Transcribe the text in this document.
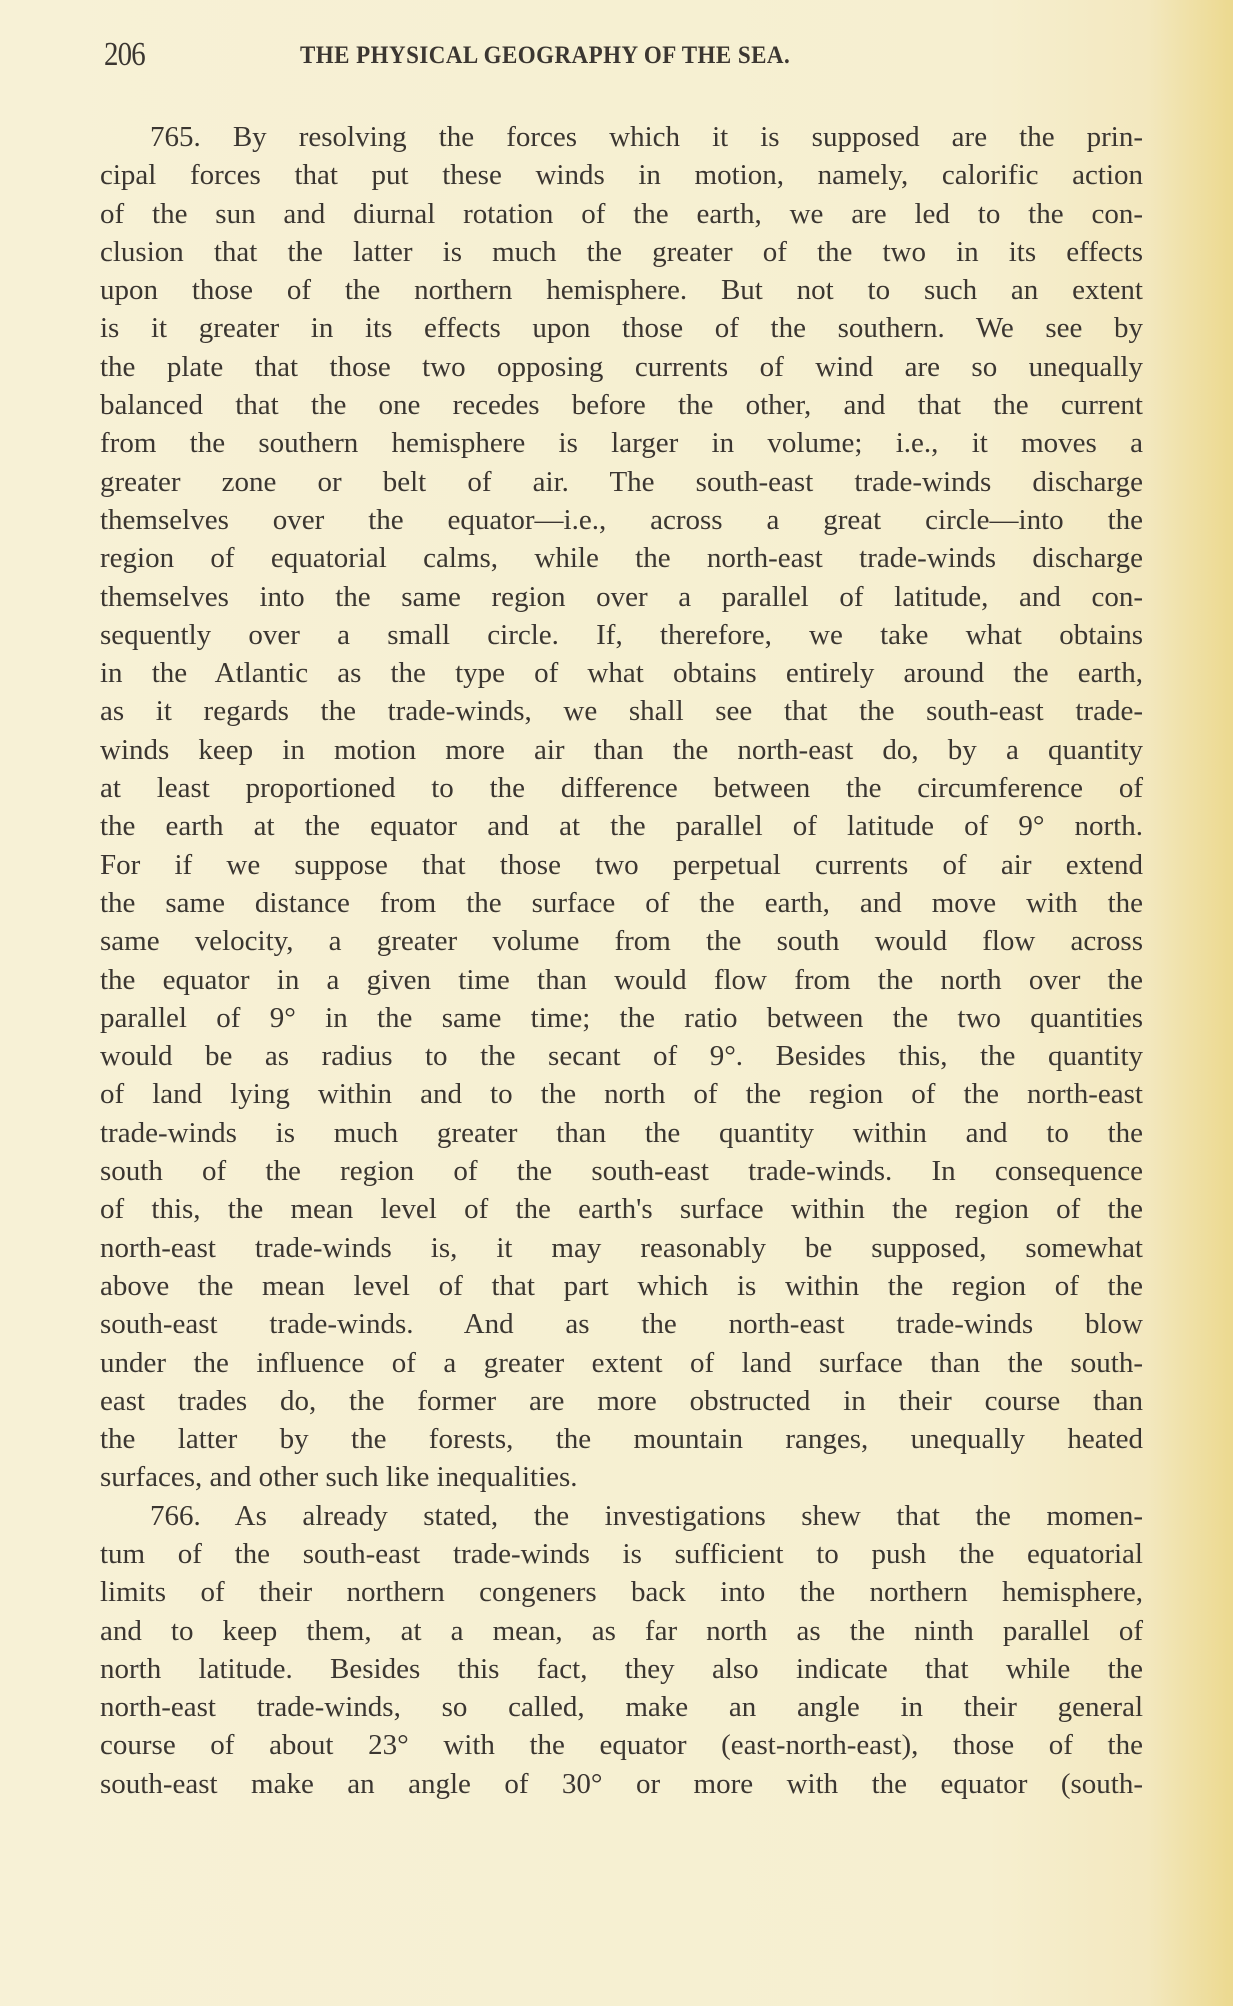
206	THE PHYSICAL GEOGRAPHY OF THE SEA.
765. By resolving the forces which it is supposed are the prin-
cipal forces that put these winds in motion, namely, calorific action
of the sun and diurnal rotation of the earth, we are led to the con-
clusion that the latter is much the greater of the two in its effects
upon those of the northern hemisphere. But not to such an extent
is it greater in its effects upon those of the southern. We see by
the plate that those two opposing currents of wind are so unequally
balanced that the one recedes before the other, and that the current
from the southern hemisphere is larger in volume; i.e., it moves a
greater zone or belt of air. The south-east trade-winds discharge
themselves over the equator—i.e., across a great circle—into the
region of equatorial calms, while the north-east trade-winds discharge
themselves into the same region over a parallel of latitude, and con-
sequently over a small circle. If, therefore, we take what obtains
in the Atlantic as the type of what obtains entirely around the earth,
as it regards the trade-winds, we shall see that the south-east trade-
winds keep in motion more air than the north-east do, by a quantity
at least proportioned to the difference between the circumference of
the earth at the equator and at the parallel of latitude of 9° north.
For if we suppose that those two perpetual currents of air extend
the same distance from the surface of the earth, and move with the
same velocity, a greater volume from the south would flow across
the equator in a given time than would flow from the north over the
parallel of 9° in the same time; the ratio between the two quantities
would be as radius to the secant of 9°. Besides this, the quantity
of land lying within and to the north of the region of the north-east
trade-winds is much greater than the quantity within and to the
south of the region of the south-east trade-winds. In consequence
of this, the mean level of the earth's surface within the region of the
north-east trade-winds is, it may reasonably be supposed, somewhat
above the mean level of that part which is within the region of the
south-east trade-winds. And as the north-east trade-winds blow
under the influence of a greater extent of land surface than the south-
east trades do, the former are more obstructed in their course than
the latter by the forests, the mountain ranges, unequally heated
surfaces, and other such like inequalities.
766. As already stated, the investigations shew that the momen-
tum of the south-east trade-winds is sufficient to push the equatorial
limits of their northern congeners back into the northern hemisphere,
and to keep them, at a mean, as far north as the ninth parallel of
north latitude. Besides this fact, they also indicate that while the
north-east trade-winds, so called, make an angle in their general
course of about 23° with the equator (east-north-east), those of the
south-east make an angle of 30° or more with the equator (south-
